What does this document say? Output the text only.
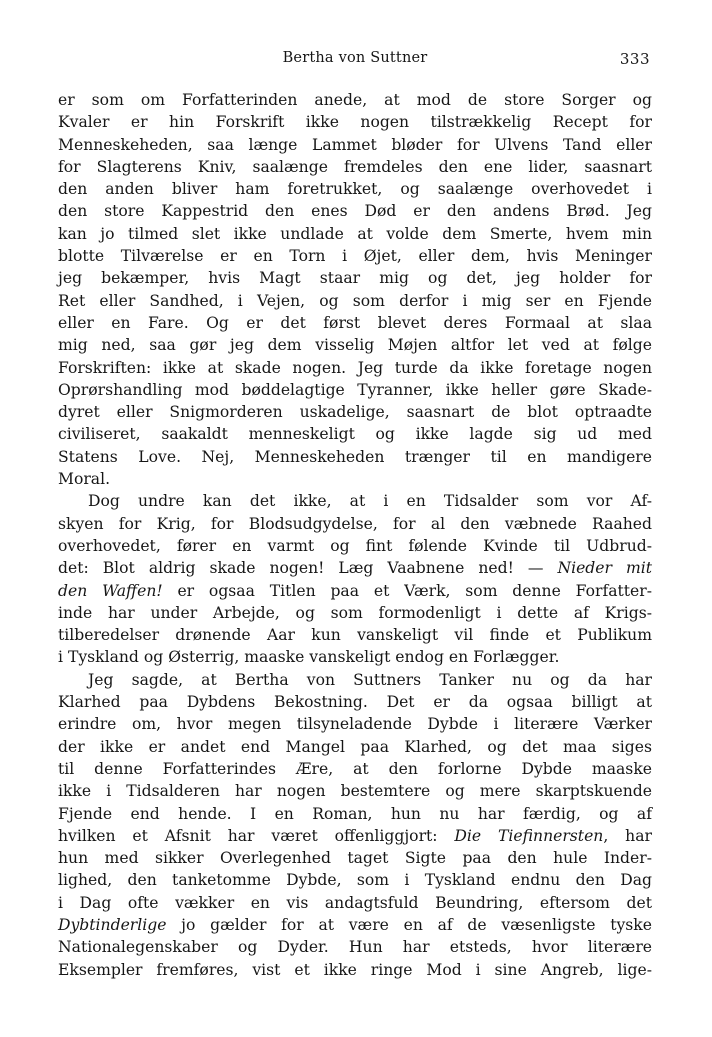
Bertha von Suttner	333
er som om Forfatterinden anede, at mod de store Sorger og
Kvaler er hin Forskrift ikke nogen tilstrækkelig Recept for
Menneskeheden, saa længe Lammet bløder for Ulvens Tand eller
for Slagterens Kniv, saalænge fremdeles den ene lider, saasnart
den anden bliver ham foretrukket, og saalænge overhovedet i
den store Kappestrid den enes Død er den andens Brød. Jeg
kan jo tilmed slet ikke undlade at volde dem Smerte, hvem min
blotte Tilværelse er en Torn i Øjet, eller dem, hvis Meninger
jeg bekæmper, hvis Magt staar mig og det, jeg holder for
Ret eller Sandhed, i Vejen, og som derfor i mig ser en Fjende
eller en Fare. Og er det først blevet deres Formaal at slaa
mig ned, saa gør jeg dem visselig Møjen altfor let ved at følge
Forskriften: ikke at skade nogen. Jeg turde da ikke foretage nogen
Oprørshandling mod bøddelagtige Tyranner, ikke heller gøre Skade-
dyret eller Snigmorderen uskadelige, saasnart de blot optraadte
civiliseret, saakaldt menneskeligt og ikke lagde sig ud med
Statens Love. Nej, Menneskeheden trænger til en mandigere
Moral.
Dog undre kan det ikke, at i en Tidsalder som vor Af-
skyen for Krig, for Blodsudgydelse, for al den væbnede Raahed
overhovedet, fører en varmt og fint følende Kvinde til Udbrud-
det: Blot aldrig skade nogen! Læg Vaabnene ned! — Nieder mit
den Waffen! er ogsaa Titlen paa et Værk, som denne Forfatter-
inde har under Arbejde, og som formodenligt i dette af Krigs-
tilberedelser drønende Aar kun vanskeligt vil finde et Publikum
i Tyskland og Østerrig, maaske vanskeligt endog en Forlægger.
Jeg sagde, at Bertha von Suttners Tanker nu og da har
Klarhed paa Dybdens Bekostning. Det er da ogsaa billigt at
erindre om, hvor megen tilsyneladende Dybde i literære Værker
der ikke er andet end Mangel paa Klarhed, og det maa siges
til denne Forfatterindes Ære, at den forlorne Dybde maaske
ikke i Tidsalderen har nogen bestemtere og mere skarptskuende
Fjende end hende. I en Roman, hun nu har færdig, og af
hvilken et Afsnit har været offenliggjort: Die Tiefinnersten, har
hun med sikker Overlegenhed taget Sigte paa den hule Inder-
lighed, den tanketomme Dybde, som i Tyskland endnu den Dag
i Dag ofte vækker en vis andagtsfuld Beundring, eftersom det
Dybtinderlige jo gælder for at være en af de væsenligste tyske
Nationalegenskaber og Dyder. Hun har etsteds, hvor literære
Eksempler fremføres, vist et ikke ringe Mod i sine Angreb, lige-
